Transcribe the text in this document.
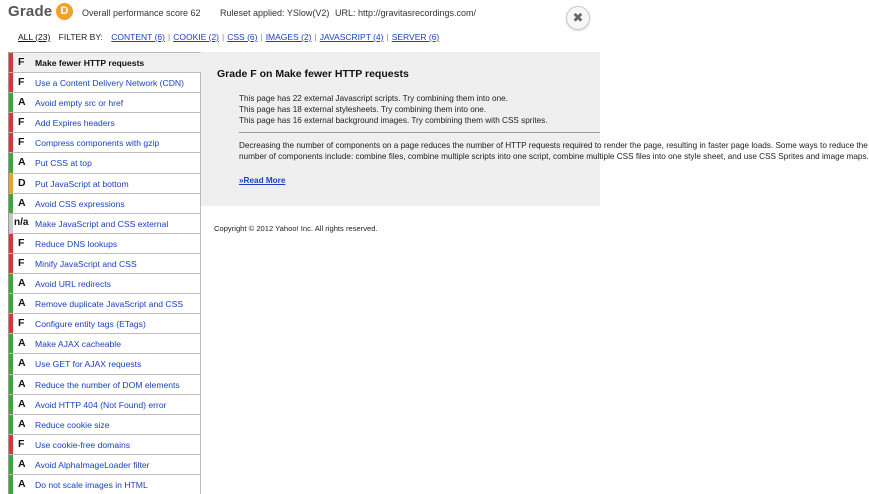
Grade D	Overall performance score 62 Ruleset applied: YSlow(V2) URL: http://gravitasrecordings.com/	✖
ALL (23) FILTER BY: CONTENT (6) | COOKIE (2) | CSS (6) | IMAGES (2) | JAVASCRIPT (4) | SERVER (6)
F Make fewer HTTP requests
F Use a Content Delivery Network (CDN)
A Avoid empty src or href
F Add Expires headers
F Compress components with gzip
A Put CSS at top
D Put JavaScript at bottom
A Avoid CSS expressions
n/a Make JavaScript and CSS external
F Reduce DNS lookups
F Minify JavaScript and CSS
A Avoid URL redirects
A Remove duplicate JavaScript and CSS
F Configure entity tags (ETags)
A Make AJAX cacheable
A Use GET for AJAX requests
A Reduce the number of DOM elements
A Avoid HTTP 404 (Not Found) error
A Reduce cookie size
F Use cookie-free domains
A Avoid AlphaImageLoader filter
A Do not scale images in HTML
Grade F on Make fewer HTTP requests
This page has 22 external Javascript scripts. Try combining them into one.
This page has 18 external stylesheets. Try combining them into one.
This page has 16 external background images. Try combining them with CSS sprites.
Decreasing the number of components on a page reduces the number of HTTP requests required to render the page, resulting in faster page loads. Some ways to reduce the
number of components include: combine files, combine multiple scripts into one script, combine multiple CSS files into one style sheet, and use CSS Sprites and image maps.
»Read More
Copyright © 2012 Yahoo! Inc. All rights reserved.
